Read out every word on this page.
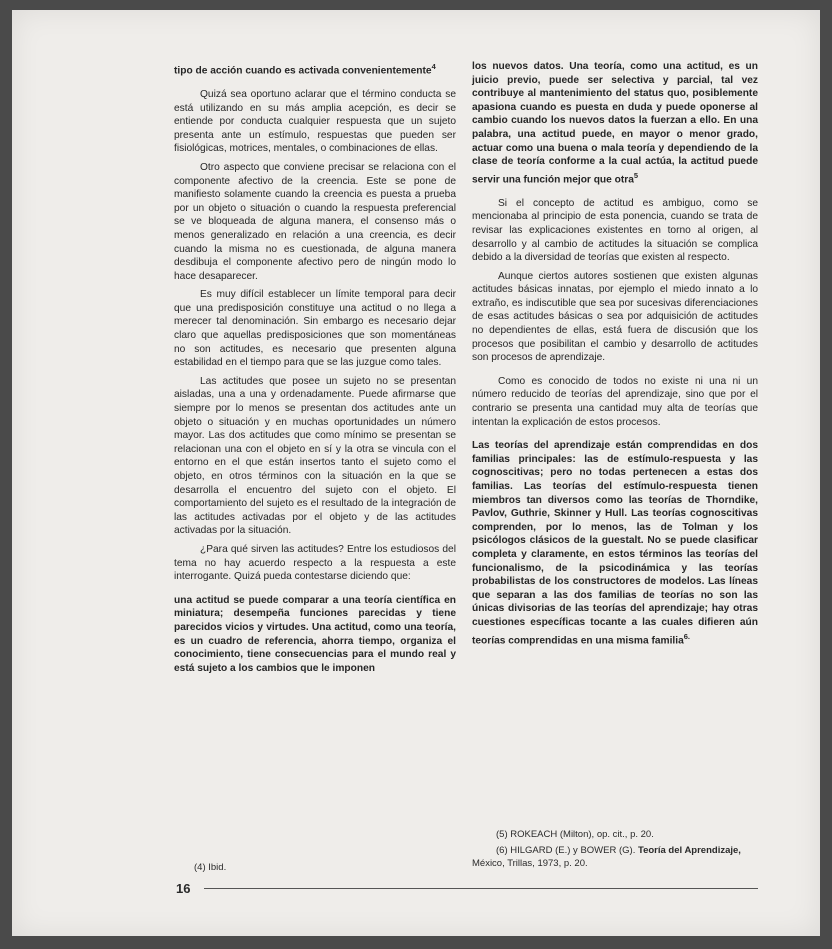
tipo de acción cuando es activada convenientemente$^4$

Quizá sea oportuno aclarar que el término conducta se está utilizando en su más amplia acepción, es decir se entiende por conducta cualquier respuesta que un sujeto presenta ante un estímulo, respuestas que pueden ser fisiológicas, motrices, mentales, o combinaciones de ellas.

Otro aspecto que conviene precisar se relaciona con el componente afectivo de la creencia. Este se pone de manifiesto solamente cuando la creencia es puesta a prueba por un objeto o situación o cuando la respuesta preferencial se ve bloqueada de alguna manera, el consenso más o menos generalizado en relación a una creencia, es decir cuando la misma no es cuestionada, de alguna manera desdibuja el componente afectivo pero de ningún modo lo hace desaparecer.

Es muy difícil establecer un límite temporal para decir que una predisposición constituye una actitud o no llega a merecer tal denominación. Sin embargo es necesario dejar claro que aquellas predisposiciones que son momentáneas no son actitudes, es necesario que presenten alguna estabilidad en el tiempo para que se las juzgue como tales.

Las actitudes que posee un sujeto no se presentan aisladas, una a una y ordenadamente. Puede afirmarse que siempre por lo menos se presentan dos actitudes ante un objeto o situación y en muchas oportunidades un número mayor. Las dos actitudes que como mínimo se presentan se relacionan una con el objeto en sí y la otra se vincula con el entorno en el que están insertos tanto el sujeto como el objeto, en otros términos con la situación en la que se desarrolla el encuentro del sujeto con el objeto. El comportamiento del sujeto es el resultado de la integración de las actitudes activadas por el objeto y de las actitudes activadas por la situación.

¿Para qué sirven las actitudes? Entre los estudiosos del tema no hay acuerdo respecto a la respuesta a este interrogante. Quizá pueda contestarse diciendo que:

una actitud se puede comparar a una teoría científica en miniatura; desempeña funciones parecidas y tiene parecidos vicios y virtudes. Una actitud, como una teoría, es un cuadro de referencia, ahorra tiempo, organiza el conocimiento, tiene consecuencias para el mundo real y está sujeto a los cambios que le imponen

los nuevos datos. Una teoría, como una actitud, es un juicio previo, puede ser selectiva y parcial, tal vez contribuye al mantenimiento del status quo, posiblemente apasiona cuando es puesta en duda y puede oponerse al cambio cuando los nuevos datos la fuerzan a ello. En una palabra, una actitud puede, en mayor o menor grado, actuar como una buena o mala teoría y dependiendo de la clase de teoría conforme a la cual actúa, la actitud puede servir una función mejor que otra$^5$

Si el concepto de actitud es ambiguo, como se mencionaba al principio de esta ponencia, cuando se trata de revisar las explicaciones existentes en torno al origen, al desarrollo y al cambio de actitudes la situación se complica debido a la diversidad de teorías que existen al respecto.

Aunque ciertos autores sostienen que existen algunas actitudes básicas innatas, por ejemplo el miedo innato a lo extraño, es indiscutible que sea por sucesivas diferenciaciones de esas actitudes básicas o sea por adquisición de actitudes no dependientes de ellas, está fuera de discusión que los procesos que posibilitan el cambio y desarrollo de actitudes son procesos de aprendizaje.

Como es conocido de todos no existe ni una ni un número reducido de teorías del aprendizaje, sino que por el contrario se presenta una cantidad muy alta de teorías que intentan la explicación de estos procesos.

Las teorías del aprendizaje están comprendidas en dos familias principales: las de estímulo-respuesta y las cognoscitivas; pero no todas pertenecen a estas dos familias. Las teorías del estímulo-respuesta tienen miembros tan diversos como las teorías de Thorndike, Pavlov, Guthrie, Skinner y Hull. Las teorías cognoscitivas comprenden, por lo menos, las de Tolman y los psicólogos clásicos de la guestalt. No se puede clasificar completa y claramente, en estos términos las teorías del funcionalismo, de la psicodinámica y las teorías probabilistas de los constructores de modelos. Las líneas que separan a las dos familias de teorías no son las únicas divisorias de las teorías del aprendizaje; hay otras cuestiones específicas tocante a las cuales difieren aún teorías comprendidas en una misma familia$^{6.}$

(5) ROKEACH (Milton), op. cit., p. 20.

(6) HILGARD (E.) y BOWER (G). Teoría del Aprendizaje, México, Trillas, 1973, p. 20.

(4) Ibid.

16
